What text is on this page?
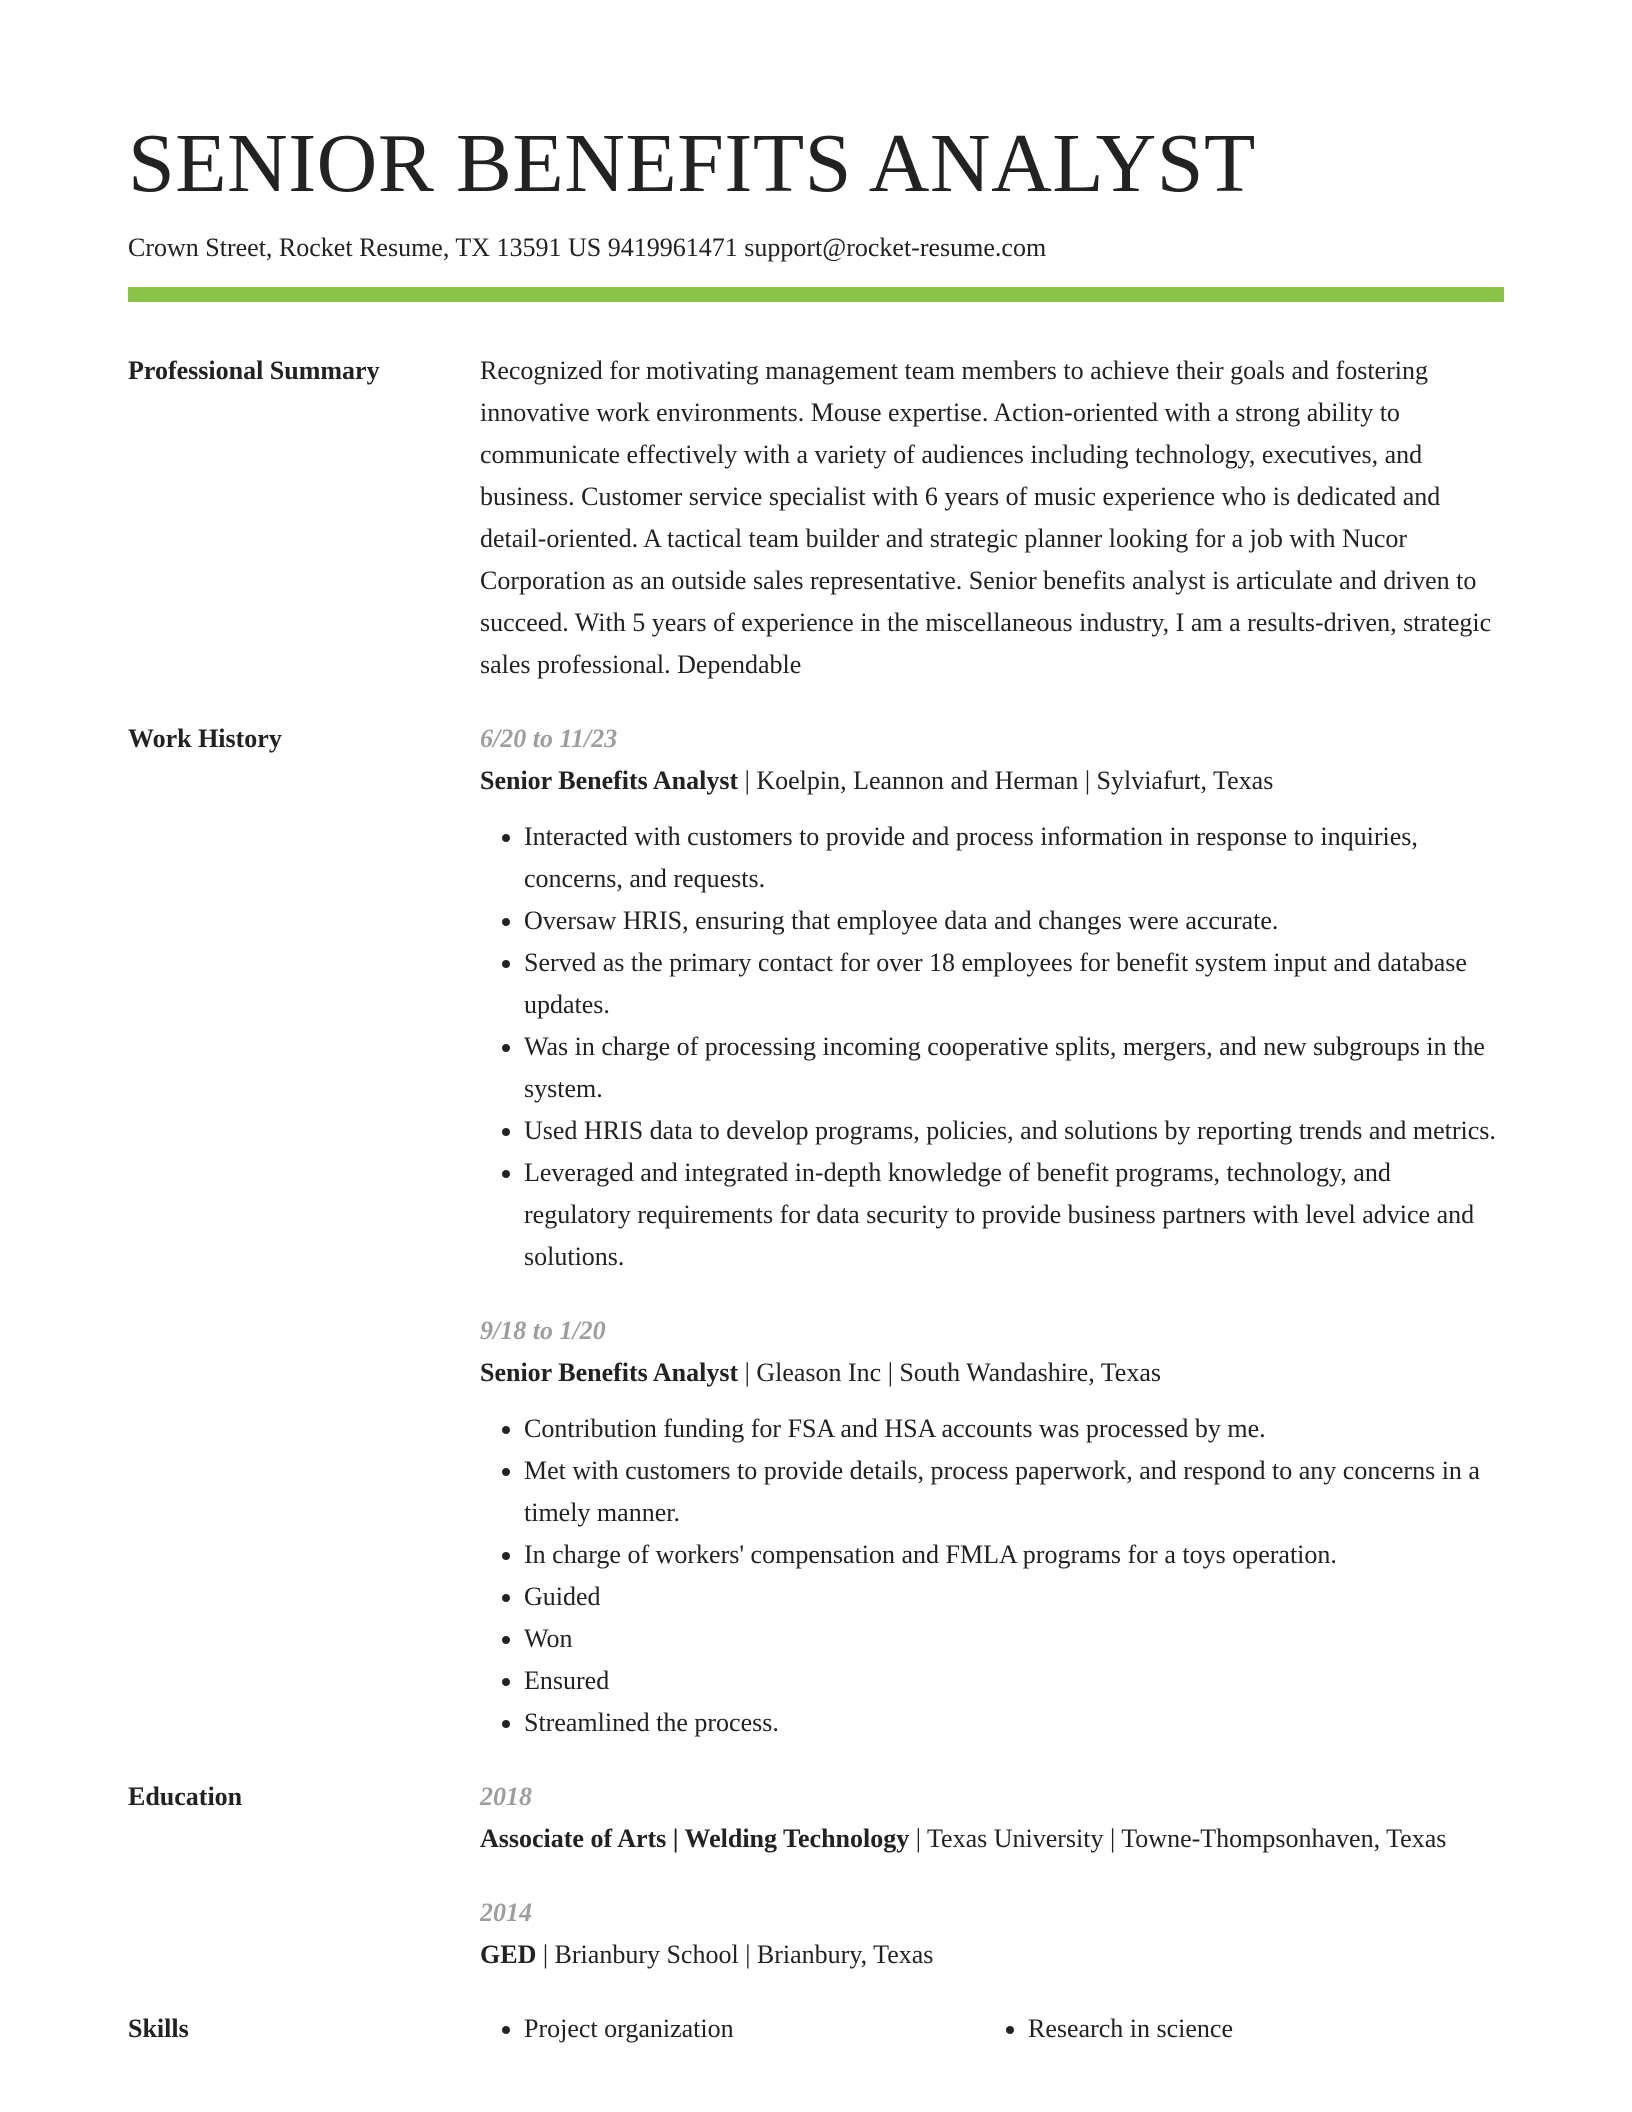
SENIOR BENEFITS ANALYST
Crown Street, Rocket Resume, TX 13591 US 9419961471 support@rocket-resume.com
Professional Summary	Recognized for motivating management team members to achieve their goals and fostering innovative work environments. Mouse expertise. Action-oriented with a strong ability to communicate effectively with a variety of audiences including technology, executives, and business. Customer service specialist with 6 years of music experience who is dedicated and detail-oriented. A tactical team builder and strategic planner looking for a job with Nucor Corporation as an outside sales representative. Senior benefits analyst is articulate and driven to succeed. With 5 years of experience in the miscellaneous industry, I am a results-driven, strategic sales professional. Dependable
Work History	6/20 to 11/23
Senior Benefits Analyst | Koelpin, Leannon and Herman | Sylviafurt, Texas
• Interacted with customers to provide and process information in response to inquiries, concerns, and requests.
• Oversaw HRIS, ensuring that employee data and changes were accurate.
• Served as the primary contact for over 18 employees for benefit system input and database updates.
• Was in charge of processing incoming cooperative splits, mergers, and new subgroups in the system.
• Used HRIS data to develop programs, policies, and solutions by reporting trends and metrics.
• Leveraged and integrated in-depth knowledge of benefit programs, technology, and regulatory requirements for data security to provide business partners with level advice and solutions.
9/18 to 1/20
Senior Benefits Analyst | Gleason Inc | South Wandashire, Texas
• Contribution funding for FSA and HSA accounts was processed by me.
• Met with customers to provide details, process paperwork, and respond to any concerns in a timely manner.
• In charge of workers' compensation and FMLA programs for a toys operation.
• Guided
• Won
• Ensured
• Streamlined the process.
Education	2018
Associate of Arts | Welding Technology | Texas University | Towne-Thompsonhaven, Texas
2014
GED | Brianbury School | Brianbury, Texas
Skills	• Project organization	• Research in science
